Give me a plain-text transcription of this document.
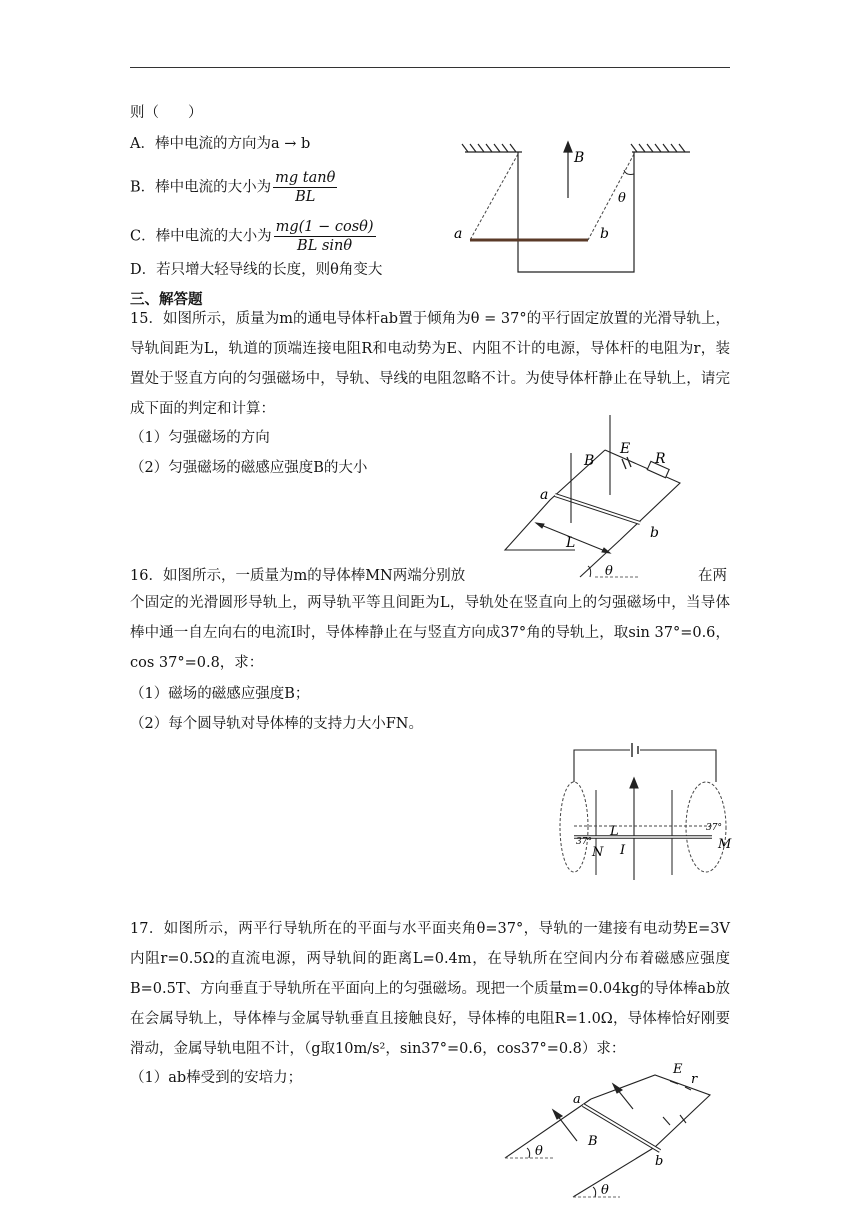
则（　　）
A．棒中电流的方向为a → b
B．棒中电流的大小为 $\frac{\text{mg tanθ}}{BL}$
C．棒中电流的大小为 $\frac{mg(1 - \cos\theta)}{\text{BL sinθ}}$
D．若只增大轻导线的长度，则θ角变大
B
θ
a	b
三、解答题
15．如图所示，质量为m的通电导体杆ab置于倾角为θ = 37°的平行固定放置的光滑导轨上，导轨间距为L，轨道的顶端连接电阻R和电动势为E、内阻不计的电源，导体杆的电阻为r，装置处于竖直方向的匀强磁场中，导轨、导线的电阻忽略不计。为使导体杆静止在导轨上，请完成下面的判定和计算：
（1）匀强磁场的方向
（2）匀强磁场的磁感应强度B的大小
E
R
B
a
b
L
θ
16．如图所示，一质量为m的导体棒MN两端分别放	在两
个固定的光滑圆形导轨上，两导轨平等且间距为L，导轨处在竖直向上的匀强磁场中，当导体棒中通一自左向右的电流I时，导体棒静止在与竖直方向成37°角的导轨上，取sin 37°=0.6，cos 37°=0.8，求：
（1）磁场的磁感应强度B；
（2）每个圆导轨对导体棒的支持力大小FN。
L
I
N
M
37°
37°
17．如图所示，两平行导轨所在的平面与水平面夹角θ=37°，导轨的一建接有电动势E=3V内阻r=0.5Ω的直流电源，两导轨间的距离L=0.4m，在导轨所在空间内分布着磁感应强度B=0.5T、方向垂直于导轨所在平面向上的匀强磁场。现把一个质量m=0.04kg的导体棒ab放在会属导轨上，导体棒与金属导轨垂直且接触良好，导体棒的电阻R=1.0Ω，导体棒恰好刚要滑动，金属导轨电阻不计，（g取10m/s²，sin37°=0.6，cos37°=0.8）求：
（1）ab棒受到的安培力；
E
r
a
B
b
θ
θ
